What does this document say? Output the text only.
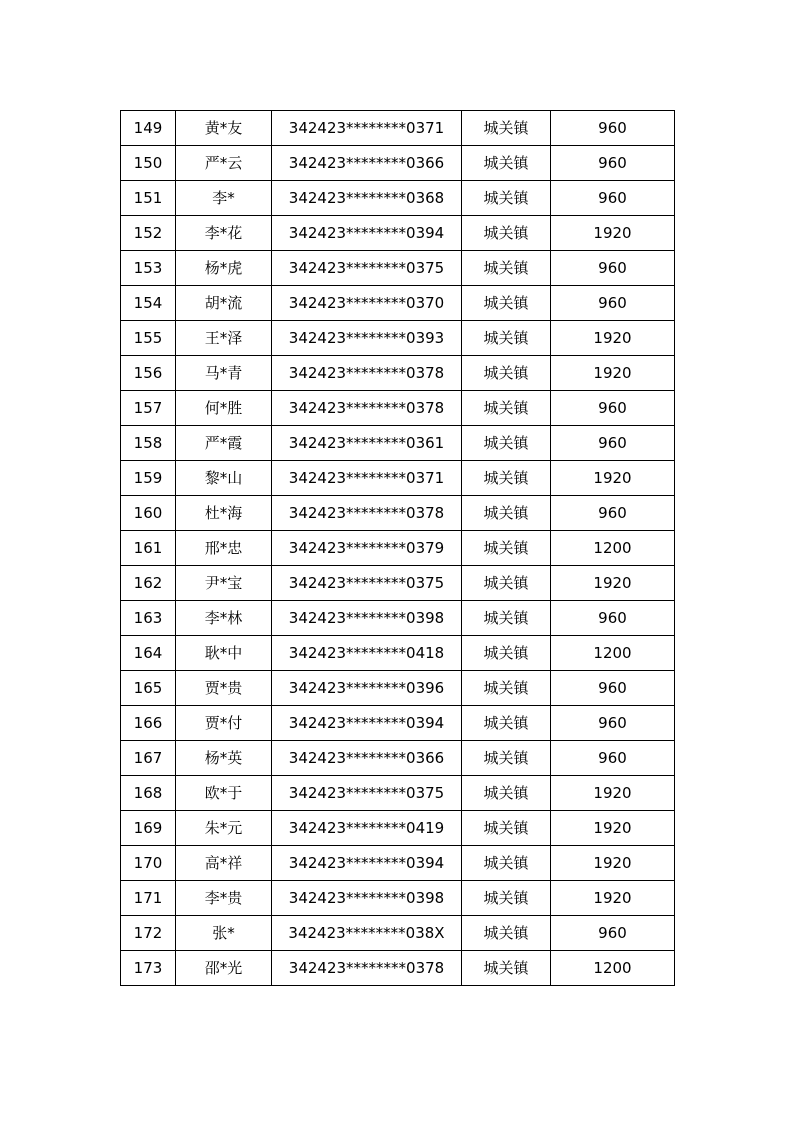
149	黄*友	342423********0371	城关镇	960
150	严*云	342423********0366	城关镇	960
151	李*	342423********0368	城关镇	960
152	李*花	342423********0394	城关镇	1920
153	杨*虎	342423********0375	城关镇	960
154	胡*流	342423********0370	城关镇	960
155	王*泽	342423********0393	城关镇	1920
156	马*青	342423********0378	城关镇	1920
157	何*胜	342423********0378	城关镇	960
158	严*霞	342423********0361	城关镇	960
159	黎*山	342423********0371	城关镇	1920
160	杜*海	342423********0378	城关镇	960
161	邢*忠	342423********0379	城关镇	1200
162	尹*宝	342423********0375	城关镇	1920
163	李*林	342423********0398	城关镇	960
164	耿*中	342423********0418	城关镇	1200
165	贾*贵	342423********0396	城关镇	960
166	贾*付	342423********0394	城关镇	960
167	杨*英	342423********0366	城关镇	960
168	欧*于	342423********0375	城关镇	1920
169	朱*元	342423********0419	城关镇	1920
170	高*祥	342423********0394	城关镇	1920
171	李*贵	342423********0398	城关镇	1920
172	张*	342423********038X	城关镇	960
173	邵*光	342423********0378	城关镇	1200
